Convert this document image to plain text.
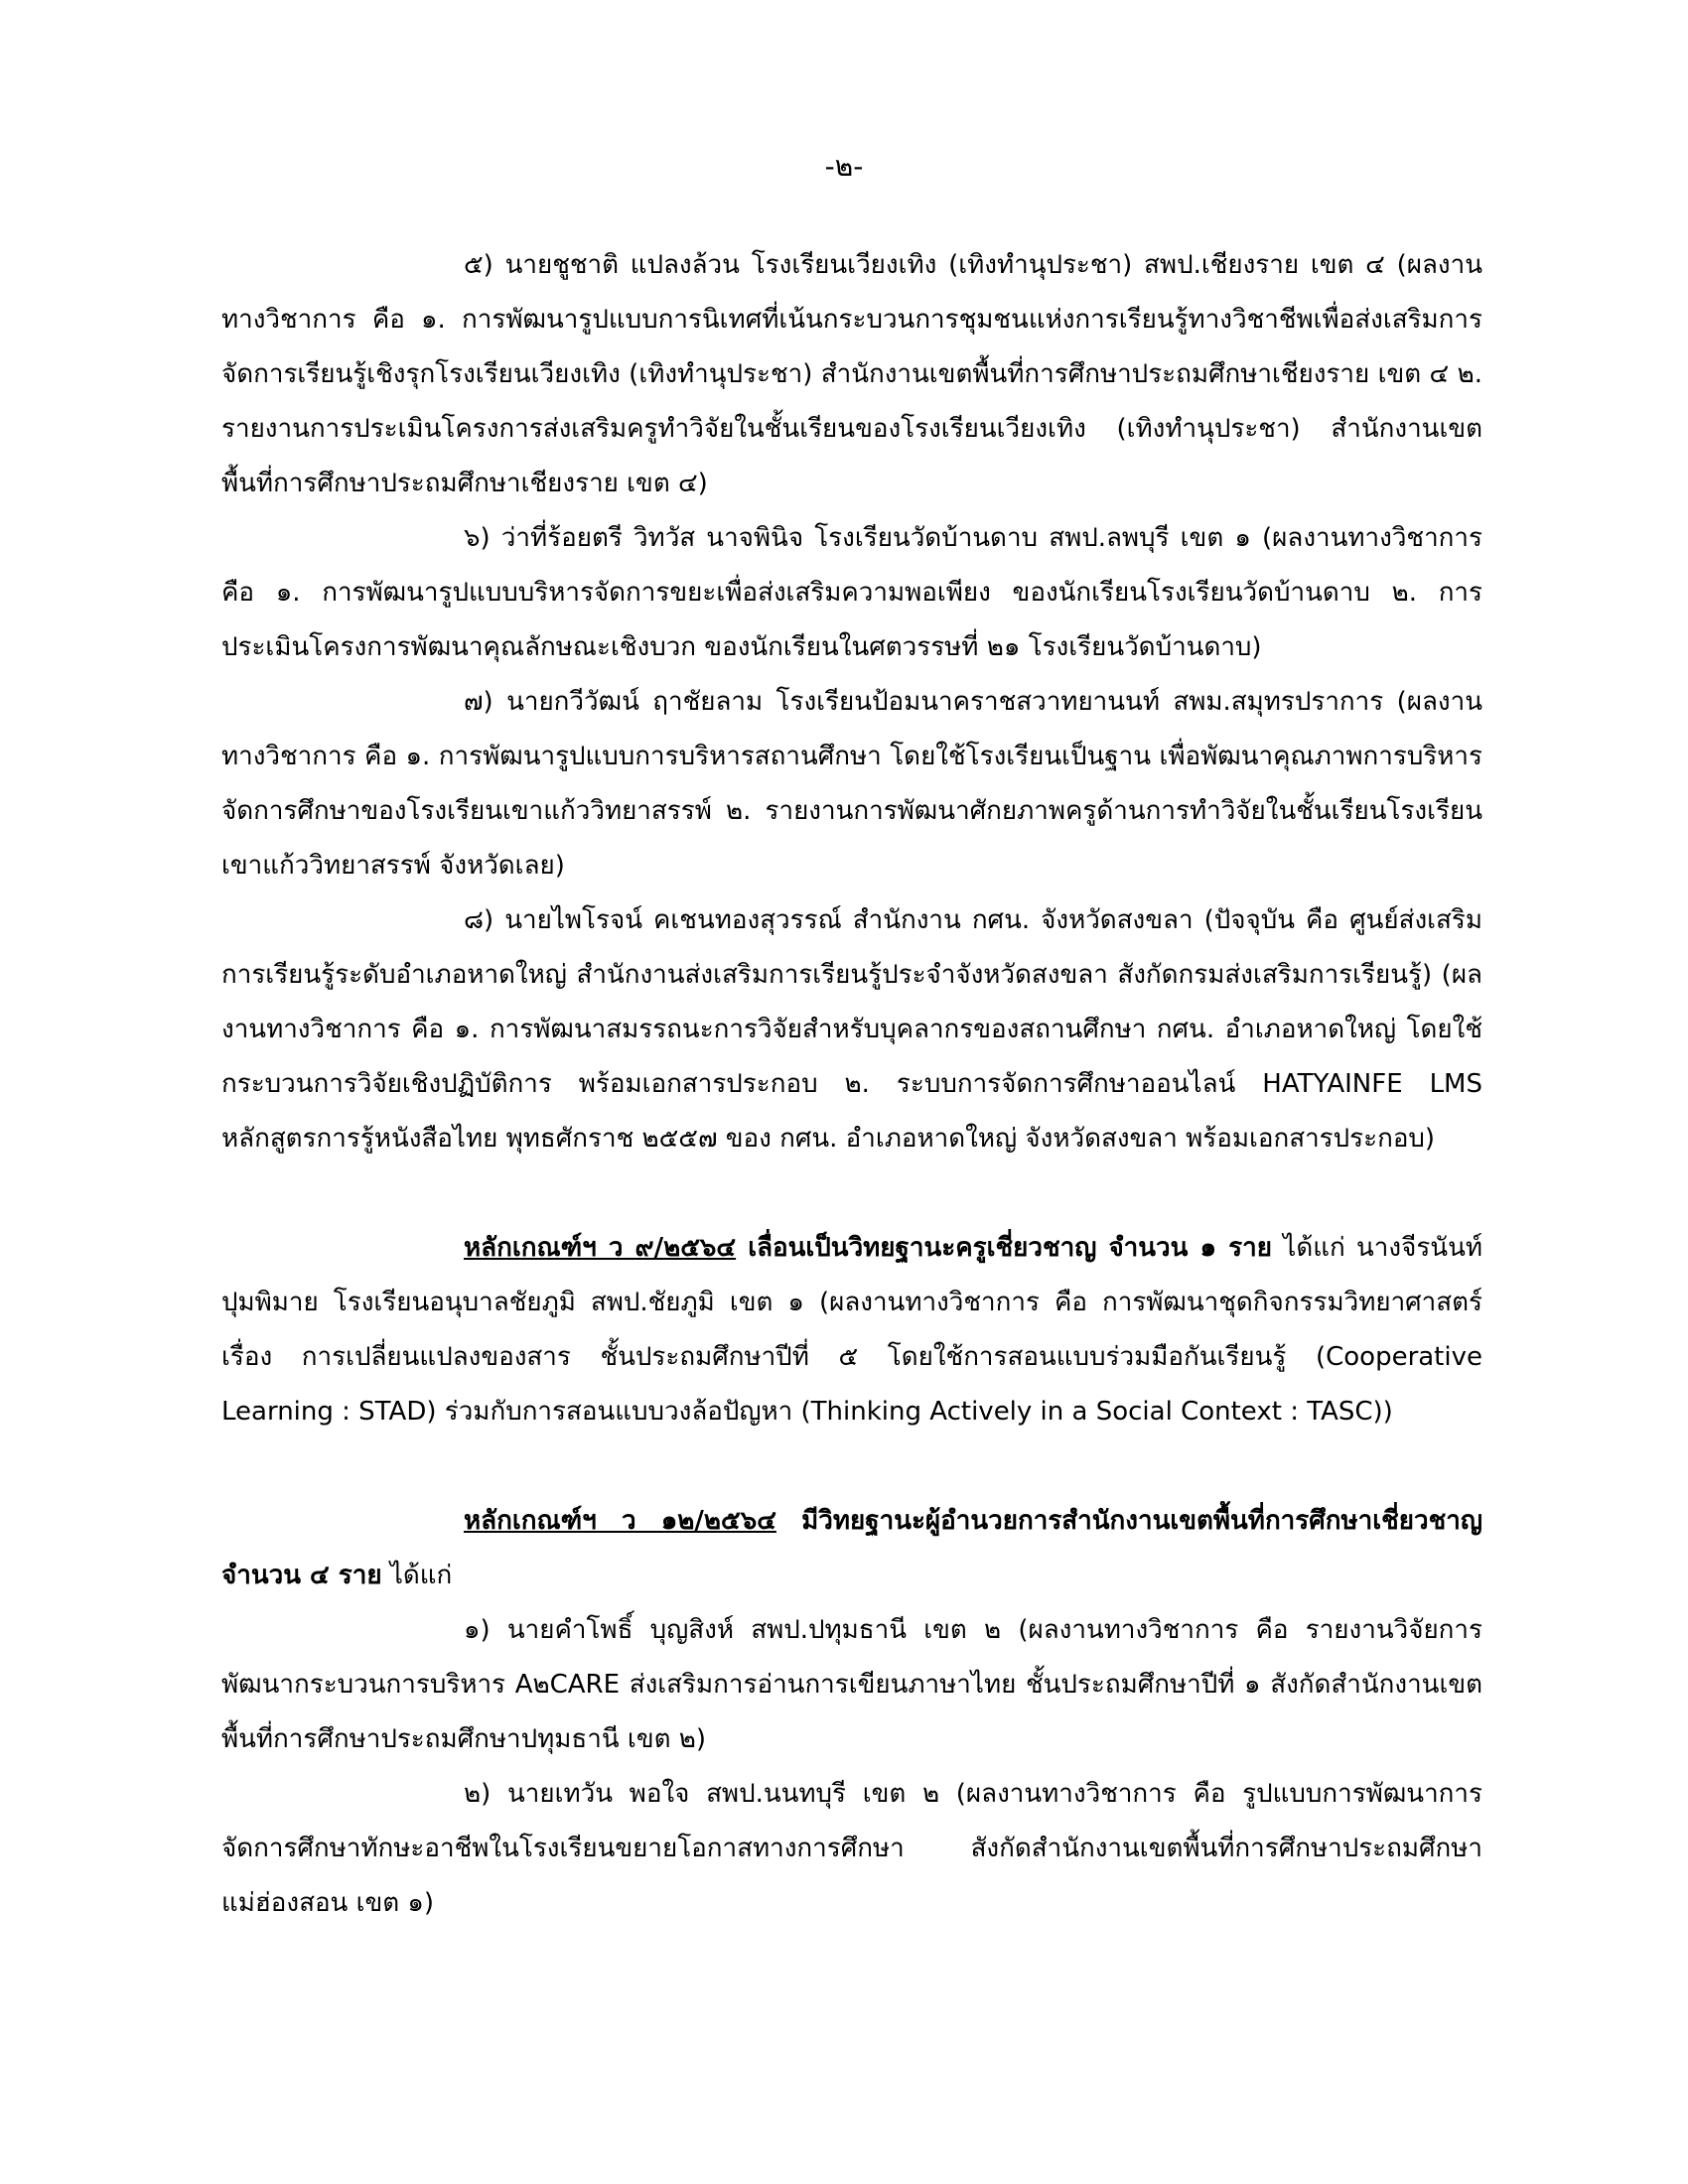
-๒-

๕) นายชูชาติ แปลงล้วน โรงเรียนเวียงเทิง (เทิงทำนุประชา) สพป.เชียงราย เขต ๔ (ผลงานทางวิชาการ คือ ๑. การพัฒนารูปแบบการนิเทศที่เน้นกระบวนการชุมชนแห่งการเรียนรู้ทางวิชาชีพเพื่อส่งเสริมการจัดการเรียนรู้เชิงรุกโรงเรียนเวียงเทิง (เทิงทำนุประชา) สำนักงานเขตพื้นที่การศึกษาประถมศึกษาเชียงราย เขต ๔ ๒. รายงานการประเมินโครงการส่งเสริมครูทำวิจัยในชั้นเรียนของโรงเรียนเวียงเทิง (เทิงทำนุประชา) สำนักงานเขตพื้นที่การศึกษาประถมศึกษาเชียงราย เขต ๔)

๖) ว่าที่ร้อยตรี วิทวัส นาจพินิจ โรงเรียนวัดบ้านดาบ สพป.ลพบุรี เขต ๑ (ผลงานทางวิชาการ คือ ๑. การพัฒนารูปแบบบริหารจัดการขยะเพื่อส่งเสริมความพอเพียง ของนักเรียนโรงเรียนวัดบ้านดาบ ๒. การประเมินโครงการพัฒนาคุณลักษณะเชิงบวก ของนักเรียนในศตวรรษที่ ๒๑ โรงเรียนวัดบ้านดาบ)

๗) นายกวีวัฒน์ ฤาชัยลาม โรงเรียนป้อมนาคราชสวาทยานนท์ สพม.สมุทรปราการ (ผลงานทางวิชาการ คือ ๑. การพัฒนารูปแบบการบริหารสถานศึกษา โดยใช้โรงเรียนเป็นฐาน เพื่อพัฒนาคุณภาพการบริหารจัดการศึกษาของโรงเรียนเขาแก้ววิทยาสรรพ์ ๒. รายงานการพัฒนาศักยภาพครูด้านการทำวิจัยในชั้นเรียนโรงเรียนเขาแก้ววิทยาสรรพ์ จังหวัดเลย)

๘) นายไพโรจน์ คเชนทองสุวรรณ์ สำนักงาน กศน. จังหวัดสงขลา (ปัจจุบัน คือ ศูนย์ส่งเสริมการเรียนรู้ระดับอำเภอหาดใหญ่ สำนักงานส่งเสริมการเรียนรู้ประจำจังหวัดสงขลา สังกัดกรมส่งเสริมการเรียนรู้) (ผลงานทางวิชาการ คือ ๑. การพัฒนาสมรรถนะการวิจัยสำหรับบุคลากรของสถานศึกษา กศน. อำเภอหาดใหญ่ โดยใช้กระบวนการวิจัยเชิงปฏิบัติการ พร้อมเอกสารประกอบ ๒. ระบบการจัดการศึกษาออนไลน์ HATYAINFE LMS หลักสูตรการรู้หนังสือไทย พุทธศักราช ๒๕๕๗ ของ กศน. อำเภอหาดใหญ่ จังหวัดสงขลา พร้อมเอกสารประกอบ)

หลักเกณฑ์ฯ ว ๙/๒๕๖๔ เลื่อนเป็นวิทยฐานะครูเชี่ยวชาญ จำนวน ๑ ราย ได้แก่ นางจีรนันท์ ปุมพิมาย โรงเรียนอนุบาลชัยภูมิ สพป.ชัยภูมิ เขต ๑ (ผลงานทางวิชาการ คือ การพัฒนาชุดกิจกรรมวิทยาศาสตร์ เรื่อง การเปลี่ยนแปลงของสาร ชั้นประถมศึกษาปีที่ ๕ โดยใช้การสอนแบบร่วมมือกันเรียนรู้ (Cooperative Learning : STAD) ร่วมกับการสอนแบบวงล้อปัญหา (Thinking Actively in a Social Context : TASC))

หลักเกณฑ์ฯ ว ๑๒/๒๕๖๔ มีวิทยฐานะผู้อำนวยการสำนักงานเขตพื้นที่การศึกษาเชี่ยวชาญ จำนวน ๔ ราย ได้แก่

๑) นายคำโพธิ์ บุญสิงห์ สพป.ปทุมธานี เขต ๒ (ผลงานทางวิชาการ คือ รายงานวิจัยการพัฒนากระบวนการบริหาร A๒CARE ส่งเสริมการอ่านการเขียนภาษาไทย ชั้นประถมศึกษาปีที่ ๑ สังกัดสำนักงานเขตพื้นที่การศึกษาประถมศึกษาปทุมธานี เขต ๒)

๒) นายเทวัน พอใจ สพป.นนทบุรี เขต ๒ (ผลงานทางวิชาการ คือ รูปแบบการพัฒนาการจัดการศึกษาทักษะอาชีพในโรงเรียนขยายโอกาสทางการศึกษา สังกัดสำนักงานเขตพื้นที่การศึกษาประถมศึกษาแม่ฮ่องสอน เขต ๑)
